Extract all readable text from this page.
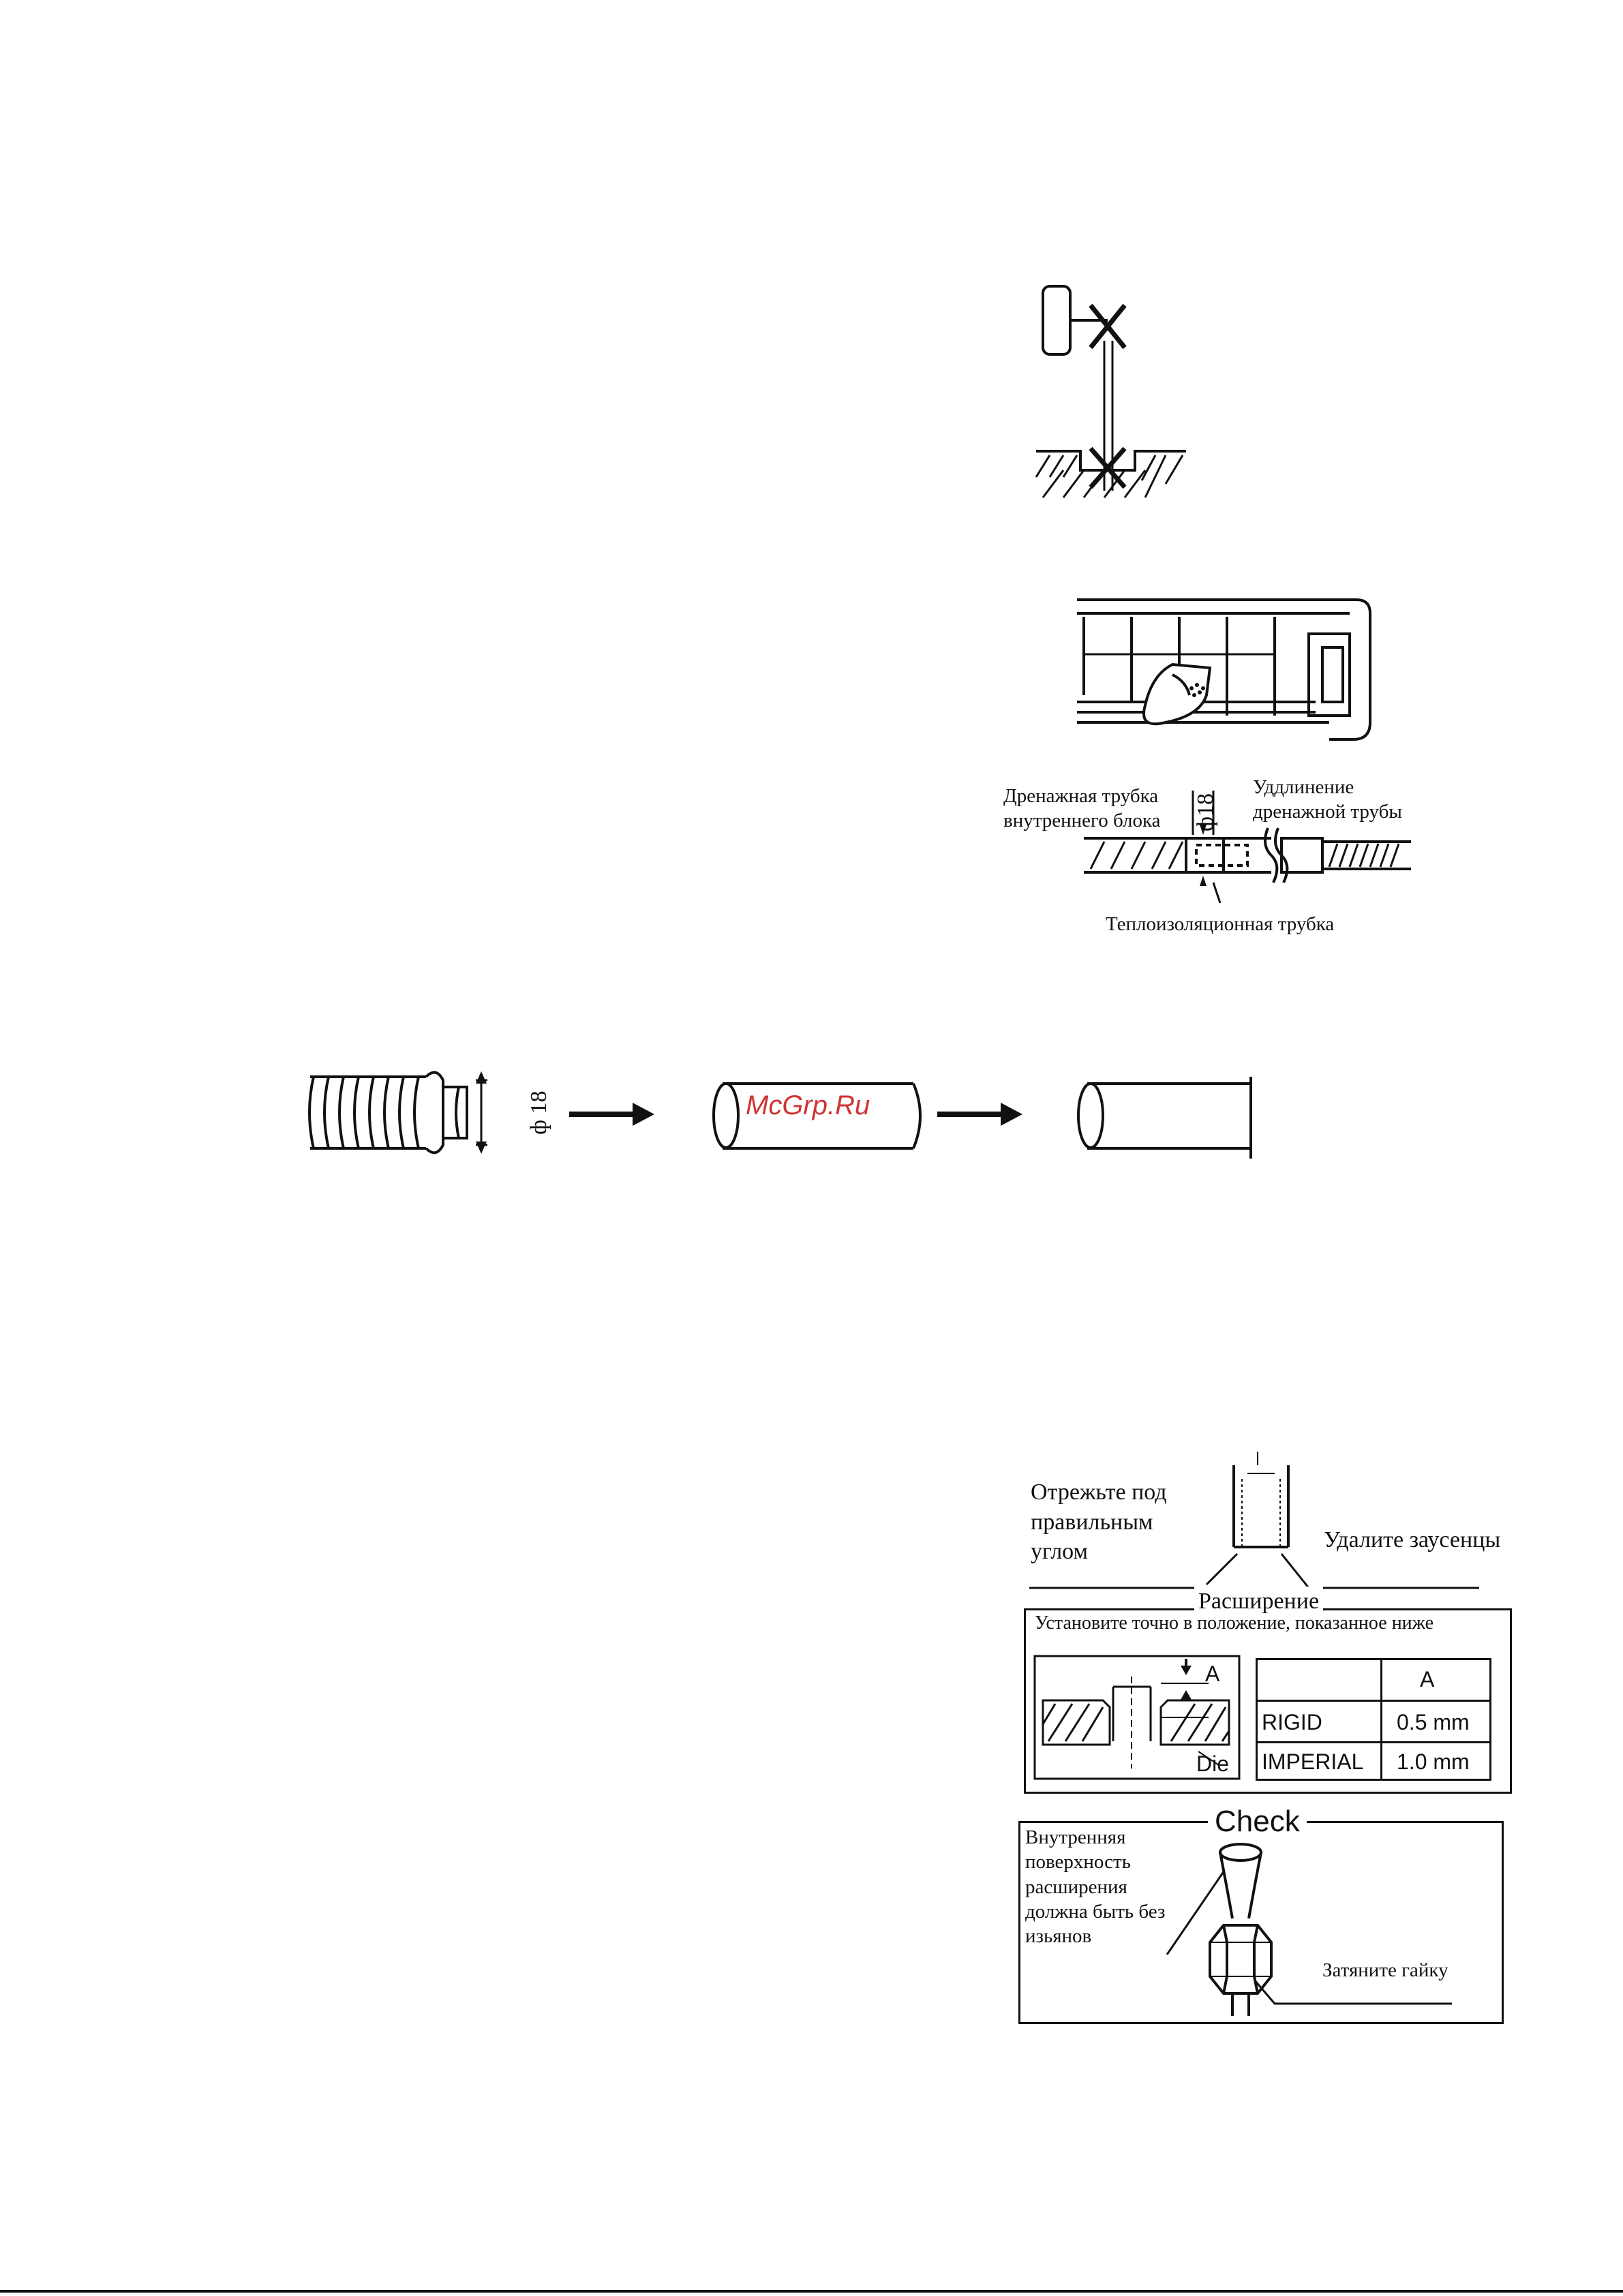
ф18
Дренажная трубка
внутреннего блока
Уддлинение
дренажной трубы
Теплоизоляционная трубка
ф 18	McGrp.Ru
Отрежьте под
правильным
углом	Удалите заусенцы
Расширение
Установите точно в положение, показанное ниже
A
Die
A
RIGID	0.5 mm
IMPERIAL 1.0 mm
Check
Внутренняя
поверхность
расширения
должна быть без
изьянов
Затяните гайку
